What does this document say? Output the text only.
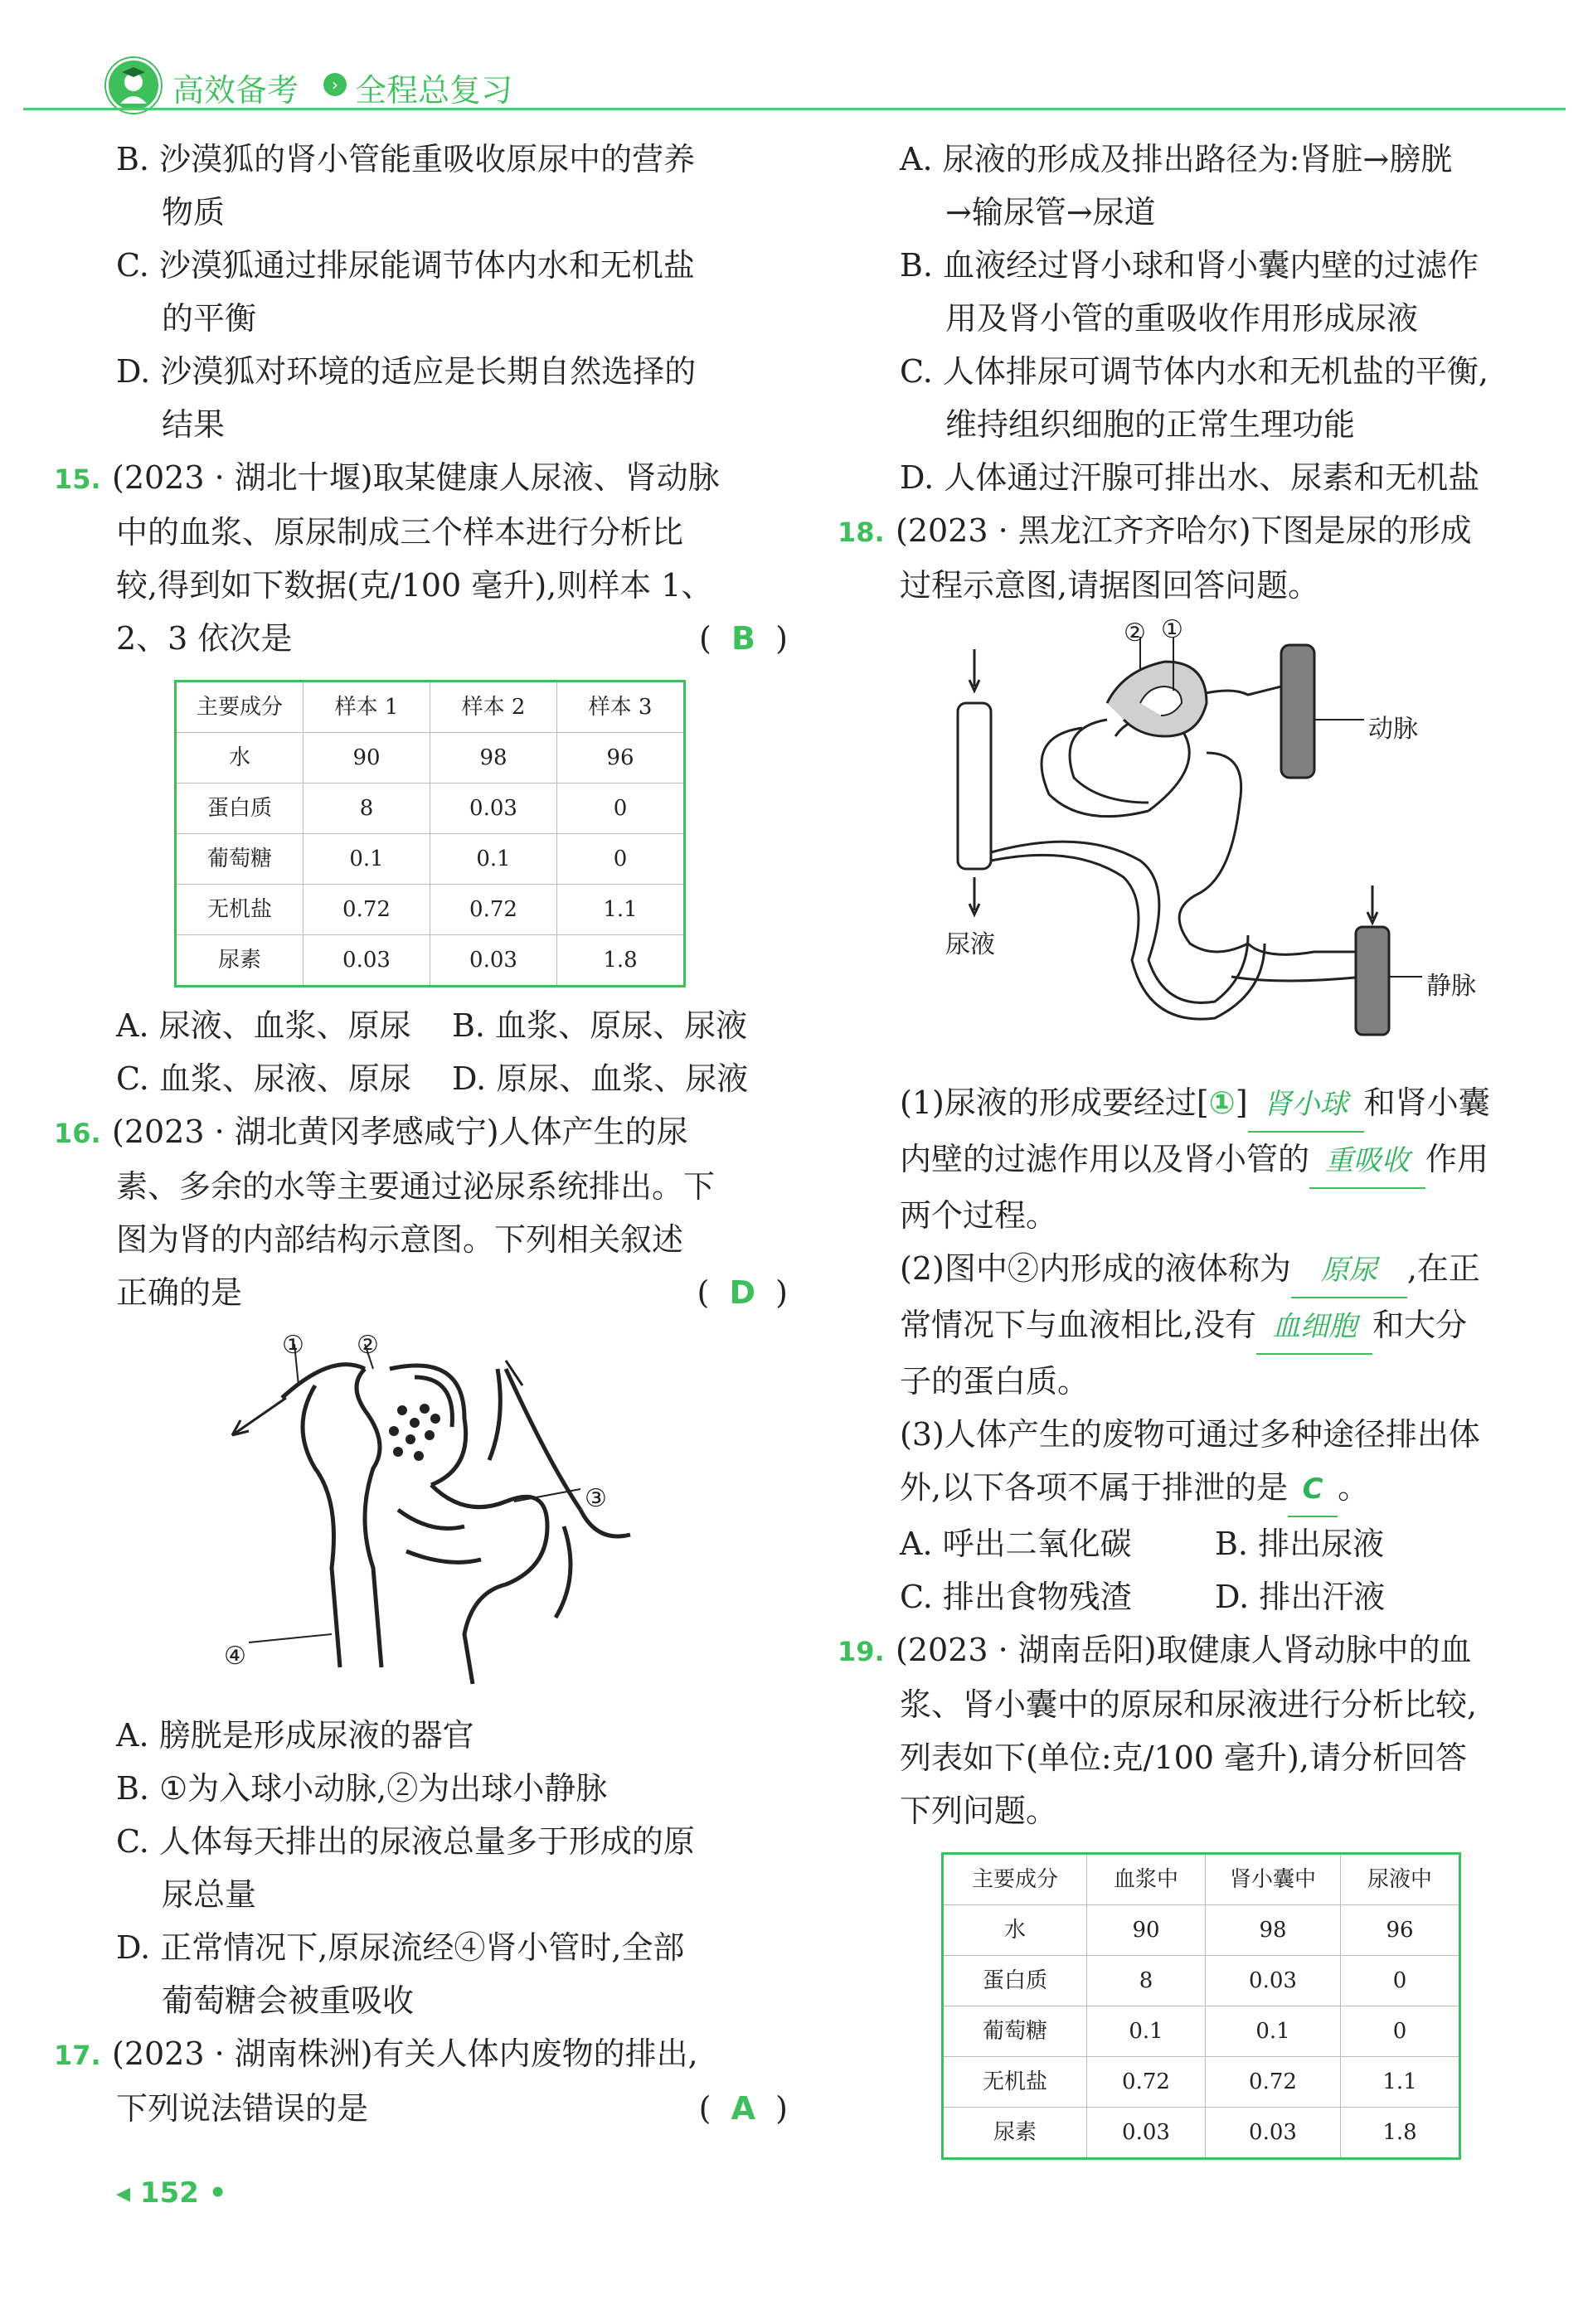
高效备考	› 全程总复习
B. 沙漠狐的肾小管能重吸收原尿中的营养
物质
C. 沙漠狐通过排尿能调节体内水和无机盐
的平衡
D. 沙漠狐对环境的适应是长期自然选择的
结果
15. (2023 · 湖北十堰)取某健康人尿液、肾动脉
中的血浆、原尿制成三个样本进行分析比
较,得到如下数据(克/100 毫升),则样本 1、
2、3 依次是	( B )
主要成分	样本 1	样本 2	样本 3
水	90	98	96
蛋白质	8	0.03	0
葡萄糖	0.1	0.1	0
无机盐	0.72	0.72	1.1
尿素	0.03	0.03	1.8
A. 尿液、血浆、原尿	B. 血浆、原尿、尿液
C. 血浆、尿液、原尿	D. 原尿、血浆、尿液
16. (2023 · 湖北黄冈孝感咸宁)人体产生的尿
素、多余的水等主要通过泌尿系统排出。下
图为肾的内部结构示意图。下列相关叙述
正确的是	( D )
① ②
③
④
A. 膀胱是形成尿液的器官
B. ①为入球小动脉,②为出球小静脉
C. 人体每天排出的尿液总量多于形成的原
尿总量
D. 正常情况下,原尿流经④肾小管时,全部
葡萄糖会被重吸收
17. (2023 · 湖南株洲)有关人体内废物的排出,
下列说法错误的是	( A )
◂ 152 •
A. 尿液的形成及排出路径为:肾脏→膀胱
→输尿管→尿道
B. 血液经过肾小球和肾小囊内壁的过滤作
用及肾小管的重吸收作用形成尿液
C. 人体排尿可调节体内水和无机盐的平衡,
维持组织细胞的正常生理功能
D. 人体通过汗腺可排出水、尿素和无机盐
18. (2023 · 黑龙江齐齐哈尔)下图是尿的形成
过程示意图,请据图回答问题。
② ①
动脉
尿液
静脉
(1)尿液的形成要经过[①] 肾小球 和肾小囊
内壁的过滤作用以及肾小管的 重吸收 作用
两个过程。
(2)图中②内形成的液体称为 原尿 ,在正
常情况下与血液相比,没有 血细胞 和大分
子的蛋白质。
(3)人体产生的废物可通过多种途径排出体
外,以下各项不属于排泄的是 C 。
A. 呼出二氧化碳	B. 排出尿液
C. 排出食物残渣	D. 排出汗液
19. (2023 · 湖南岳阳)取健康人肾动脉中的血
浆、肾小囊中的原尿和尿液进行分析比较,
列表如下(单位:克/100 毫升),请分析回答
下列问题。
主要成分	血浆中	肾小囊中	尿液中
水	90	98	96
蛋白质	8	0.03	0
葡萄糖	0.1	0.1	0
无机盐	0.72	0.72	1.1
尿素	0.03	0.03	1.8
